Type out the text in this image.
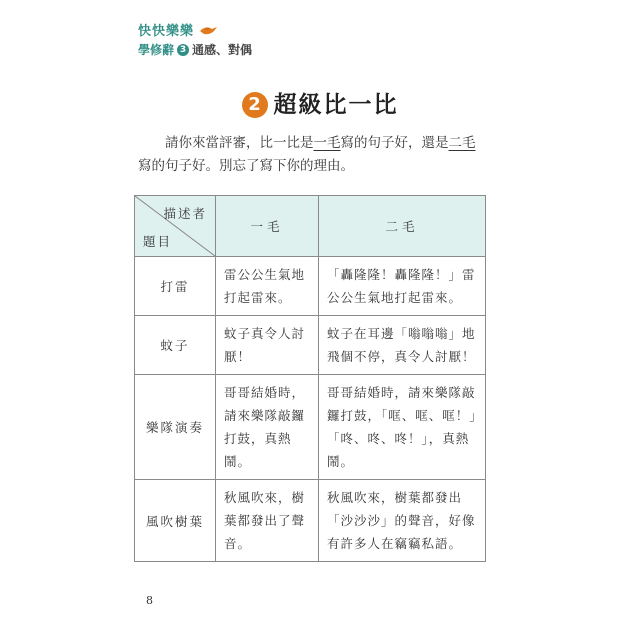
快快樂樂
學修辭 3 通感、對偶
2 超級比一比

請你來當評審，比一比是一毛寫的句子好，還是二毛寫的句子好。別忘了寫下你的理由。

描述者
題目	一毛	二毛
打雷	雷公公生氣地打起雷來。	「轟隆隆！轟隆隆！」雷公公生氣地打起雷來。
蚊子	蚊子真令人討厭！	蚊子在耳邊「嗡嗡嗡」地飛個不停，真令人討厭！
樂隊演奏	哥哥結婚時，請來樂隊敲鑼打鼓，真熱鬧。	哥哥結婚時，請來樂隊敲鑼打鼓，「哐、哐、哐！」「咚、咚、咚！」，真熱鬧。
風吹樹葉	秋風吹來，樹葉都發出了聲音。	秋風吹來，樹葉都發出「沙沙沙」的聲音，好像有許多人在竊竊私語。
8
